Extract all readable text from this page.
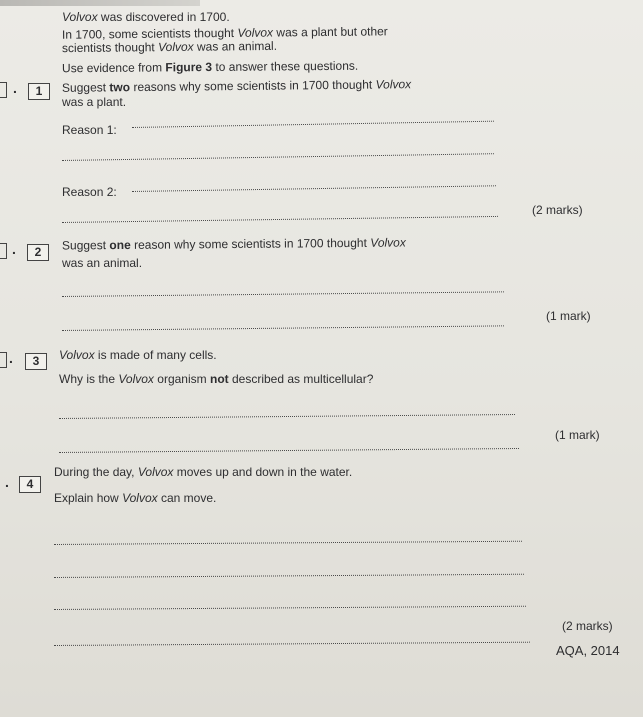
Volvox was discovered in 1700.
In 1700, some scientists thought Volvox was a plant but other
scientists thought Volvox was an animal.
Use evidence from Figure 3 to answer these questions.
.	1	Suggest two reasons why some scientists in 1700 thought Volvox
was a plant.
Reason 1:
Reason 2:
(2 marks)
.	2	Suggest one reason why some scientists in 1700 thought Volvox
was an animal.
(1 mark)
.	3	Volvox is made of many cells.
Why is the Volvox organism not described as multicellular?
(1 mark)
.	4
During the day, Volvox moves up and down in the water.
Explain how Volvox can move.
(2 marks)
AQA, 2014
